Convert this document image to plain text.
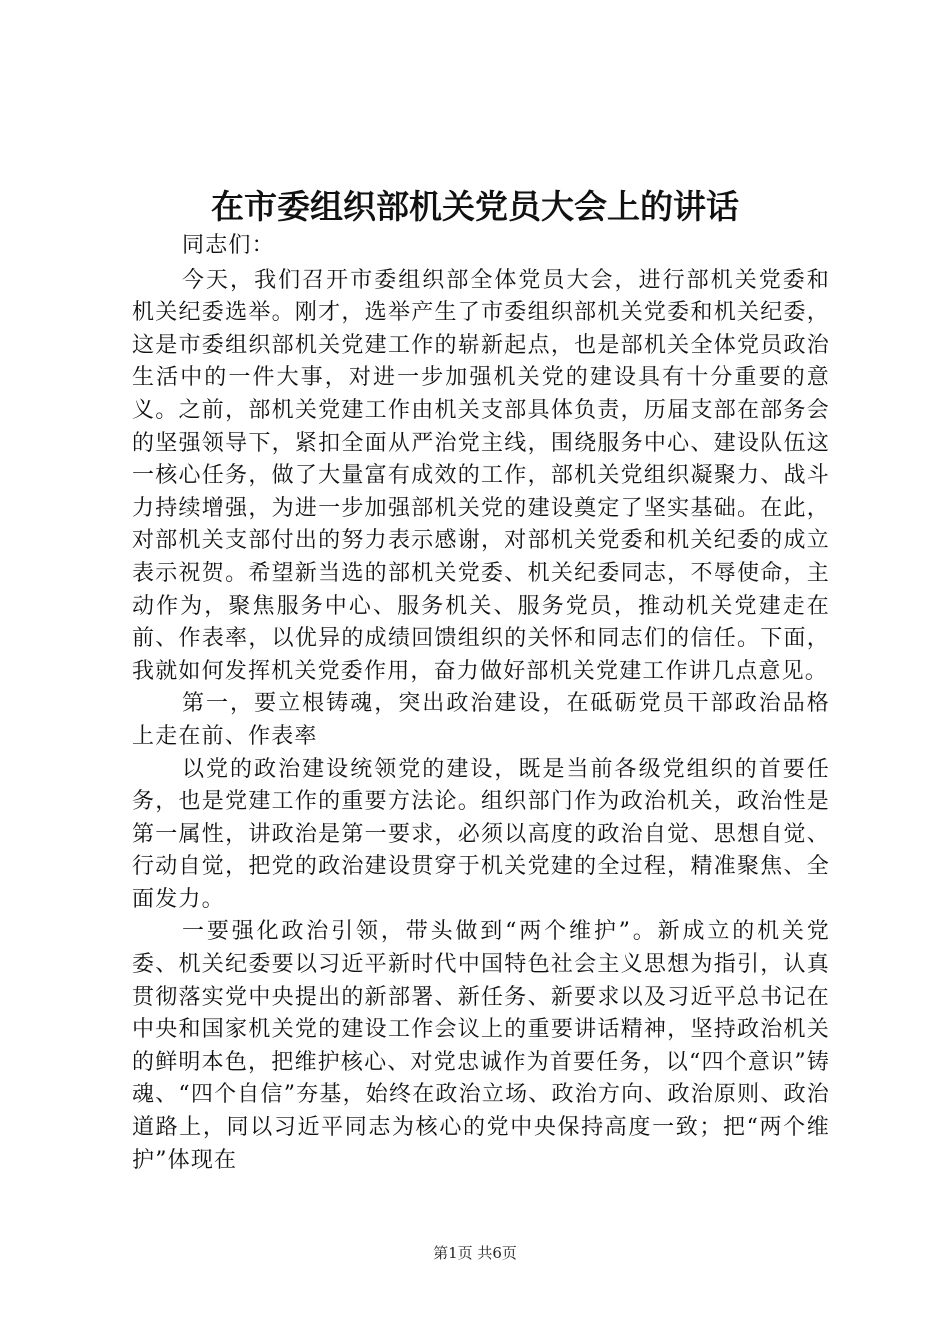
在市委组织部机关党员大会上的讲话

同志们：

今天，我们召开市委组织部全体党员大会，进行部机关党委和机关纪委选举。刚才，选举产生了市委组织部机关党委和机关纪委，这是市委组织部机关党建工作的崭新起点，也是部机关全体党员政治生活中的一件大事，对进一步加强机关党的建设具有十分重要的意义。之前，部机关党建工作由机关支部具体负责，历届支部在部务会的坚强领导下，紧扣全面从严治党主线，围绕服务中心、建设队伍这一核心任务，做了大量富有成效的工作，部机关党组织凝聚力、战斗力持续增强，为进一步加强部机关党的建设奠定了坚实基础。在此，对部机关支部付出的努力表示感谢，对部机关党委和机关纪委的成立表示祝贺。希望新当选的部机关党委、机关纪委同志，不辱使命，主动作为，聚焦服务中心、服务机关、服务党员，推动机关党建走在前、作表率，以优异的成绩回馈组织的关怀和同志们的信任。下面，我就如何发挥机关党委作用，奋力做好部机关党建工作讲几点意见。

第一，要立根铸魂，突出政治建设，在砥砺党员干部政治品格上走在前、作表率

以党的政治建设统领党的建设，既是当前各级党组织的首要任务，也是党建工作的重要方法论。组织部门作为政治机关，政治性是第一属性，讲政治是第一要求，必须以高度的政治自觉、思想自觉、行动自觉，把党的政治建设贯穿于机关党建的全过程，精准聚焦、全面发力。

一要强化政治引领，带头做到“两个维护”。新成立的机关党委、机关纪委要以习近平新时代中国特色社会主义思想为指引，认真贯彻落实党中央提出的新部署、新任务、新要求以及习近平总书记在中央和国家机关党的建设工作会议上的重要讲话精神，坚持政治机关的鲜明本色，把维护核心、对党忠诚作为首要任务，以“四个意识”铸魂、“四个自信”夯基，始终在政治立场、政治方向、政治原则、政治道路上，同以习近平同志为核心的党中央保持高度一致；把“两个维护”体现在

第1页 共6页
